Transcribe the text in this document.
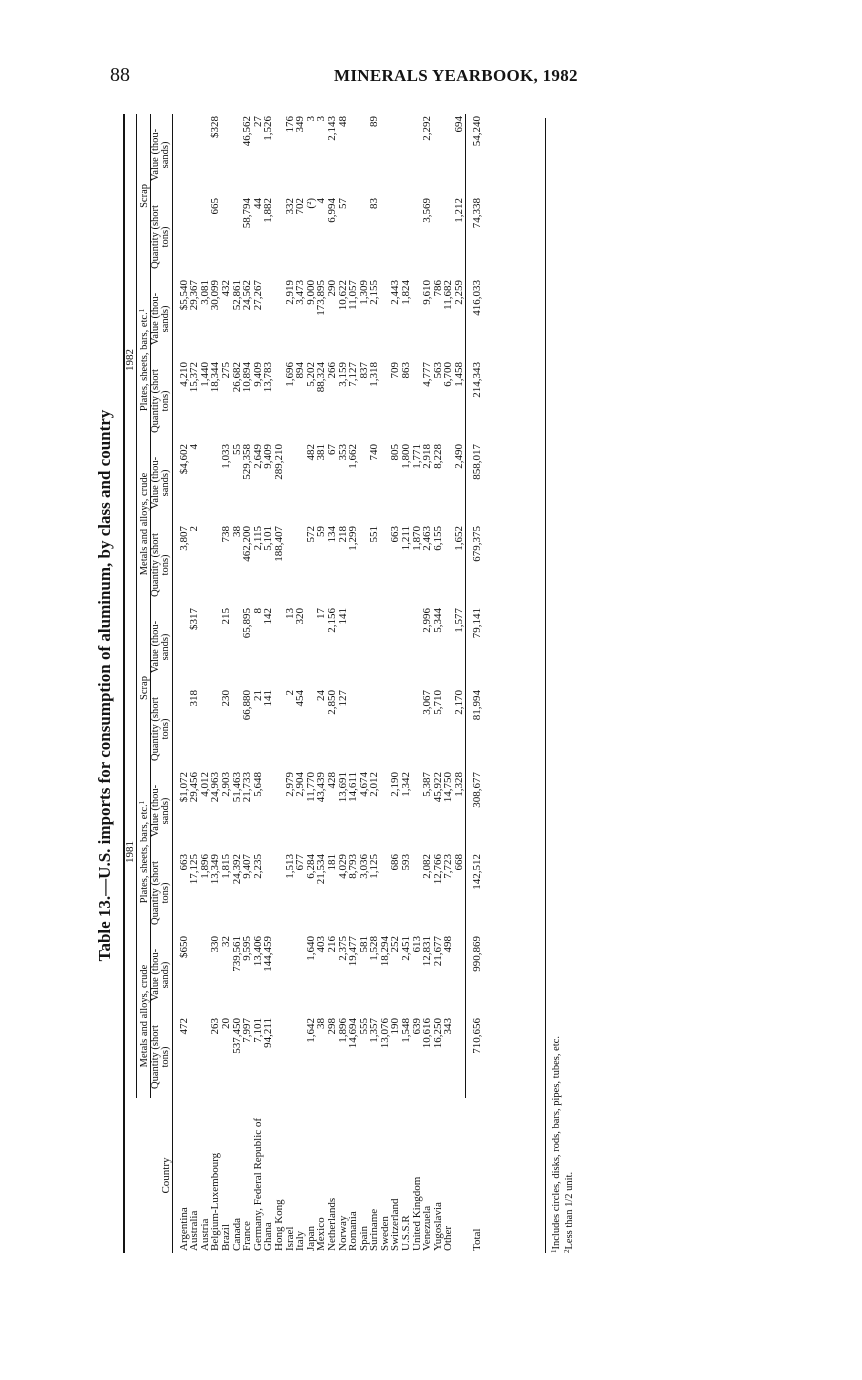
88	MINERALS YEARBOOK, 1982
Table 13.—U.S. imports for consumption of aluminum, by class and country
Country	1981						1982					
	Metals and alloys, crude		Plates, sheets, bars, etc.$^1$		Scrap		Metals and alloys, crude		Plates, sheets, bars, etc.$^1$		Scrap	
	Quantity (short tons)	Value (thou- sands)	Quantity (short tons)	Value (thou- sands)	Quantity (short tons)	Value (thou- sands)	Quantity (short tons)	Value (thou- sands)	Quantity (short tons)	Value (thou- sands)	Quantity (short tons)	Value (thou- sands)
Argentina	472	$650	663	$1,072			3,807	$4,602	4,210	$5,540		
Australia			17,125	29,456	318	$317	2	4	15,372	29,367		
Austria			1,896	4,012					1,440	3,081		
Belgium-Luxembourg	263	330	13,349	24,963					18,344	30,099	665	$328
Brazil	20	32	1,815	2,903	230	215	738	1,033	275	432		
Canada	537,450	739,561	24,392	51,463			38	55	26,682	52,861		
France	7,997	9,595	9,407	21,733	66,880	65,895	462,200	529,358	10,894	24,562	58,794	46,562
Germany, Federal Republic of	7,101	13,406	2,235	5,648	21	8	2,115	2,649	9,409	27,267	44	27
Ghana	94,211	144,459			141	142	5,101	9,409	13,783		1,882	1,526
Hong Kong							188,407	289,210				
Israel			1,513	2,979	2	13			1,696	2,919	332	176
Italy			677	2,904	454	320			894	3,473	702	349
Japan	1,642	1,640	6,284	11,770			572	482	5,202	9,000	(²)	3
Mexico	38	403	21,534	43,439	24	17	59	381	88,324	173,895	4	3
Netherlands	298	216	181	428	2,850	2,156	134	67	266	290	6,994	2,143
Norway	1,896	2,375	4,029	13,691	127	141	218	353	3,159	10,622	57	48
Romania	14,694	19,477	8,793	14,611			1,299	1,662	7,127	11,057		
Spain	555	581	3,036	4,674					837	1,309		
Suriname	1,357	1,528	1,125	2,012			551	740	1,318	2,155	83	89
Sweden	13,076	18,294										
Switzerland	190	252	686	2,190			663	805	709	2,443		
U.S.S.R	1,548	2,451	593	1,342			1,211	1,800	863	1,824		
United Kingdom	639	613					1,870	1,771				
Venezuela	10,616	12,831	2,082	5,387	3,067	2,996	2,463	2,918	4,777	9,610	3,569	2,292
Yugoslavia	16,250	21,677	12,766	45,922	5,710	5,344	6,155	8,228	563	786		
Other	343	498	7,723	14,750					6,700	11,682		
			668	1,328	2,170	1,577	1,652	2,490	1,458	2,259	1,212	694
Total	710,656	990,869	142,512	308,677	81,994	79,141	679,375	858,017	214,343	416,033	74,338	54,240
$^1$Includes circles, disks, rods, bars, pipes, tubes, etc.
$^2$Less than 1/2 unit.
